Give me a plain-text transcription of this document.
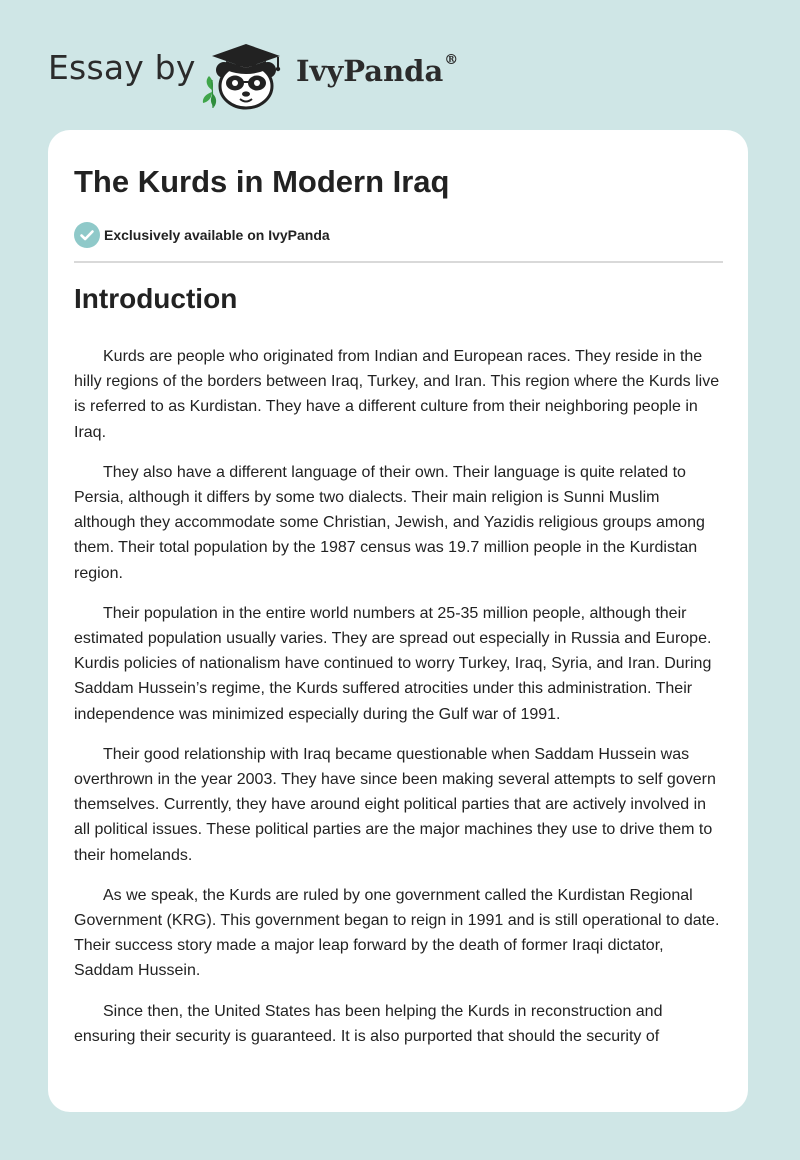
Essay by	IvyPanda®
The Kurds in Modern Iraq
Exclusively available on IvyPanda
Introduction

Kurds are people who originated from Indian and European races. They reside in the hilly regions of the borders between Iraq, Turkey, and Iran. This region where the Kurds live is referred to as Kurdistan. They have a different culture from their neighboring people in Iraq.

They also have a different language of their own. Their language is quite related to Persia, although it differs by some two dialects. Their main religion is Sunni Muslim although they accommodate some Christian, Jewish, and Yazidis religious groups among them. Their total population by the 1987 census was 19.7 million people in the Kurdistan region.

Their population in the entire world numbers at 25-35 million people, although their estimated population usually varies. They are spread out especially in Russia and Europe. Kurdis policies of nationalism have continued to worry Turkey, Iraq, Syria, and Iran. During Saddam Hussein’s regime, the Kurds suffered atrocities under this administration. Their independence was minimized especially during the Gulf war of 1991.

Their good relationship with Iraq became questionable when Saddam Hussein was overthrown in the year 2003. They have since been making several attempts to self govern themselves. Currently, they have around eight political parties that are actively involved in all political issues. These political parties are the major machines they use to drive them to their homelands.

As we speak, the Kurds are ruled by one government called the Kurdistan Regional Government (KRG). This government began to reign in 1991 and is still operational to date. Their success story made a major leap forward by the death of former Iraqi dictator, Saddam Hussein.

Since then, the United States has been helping the Kurds in reconstruction and ensuring their security is guaranteed. It is also purported that should the security of
